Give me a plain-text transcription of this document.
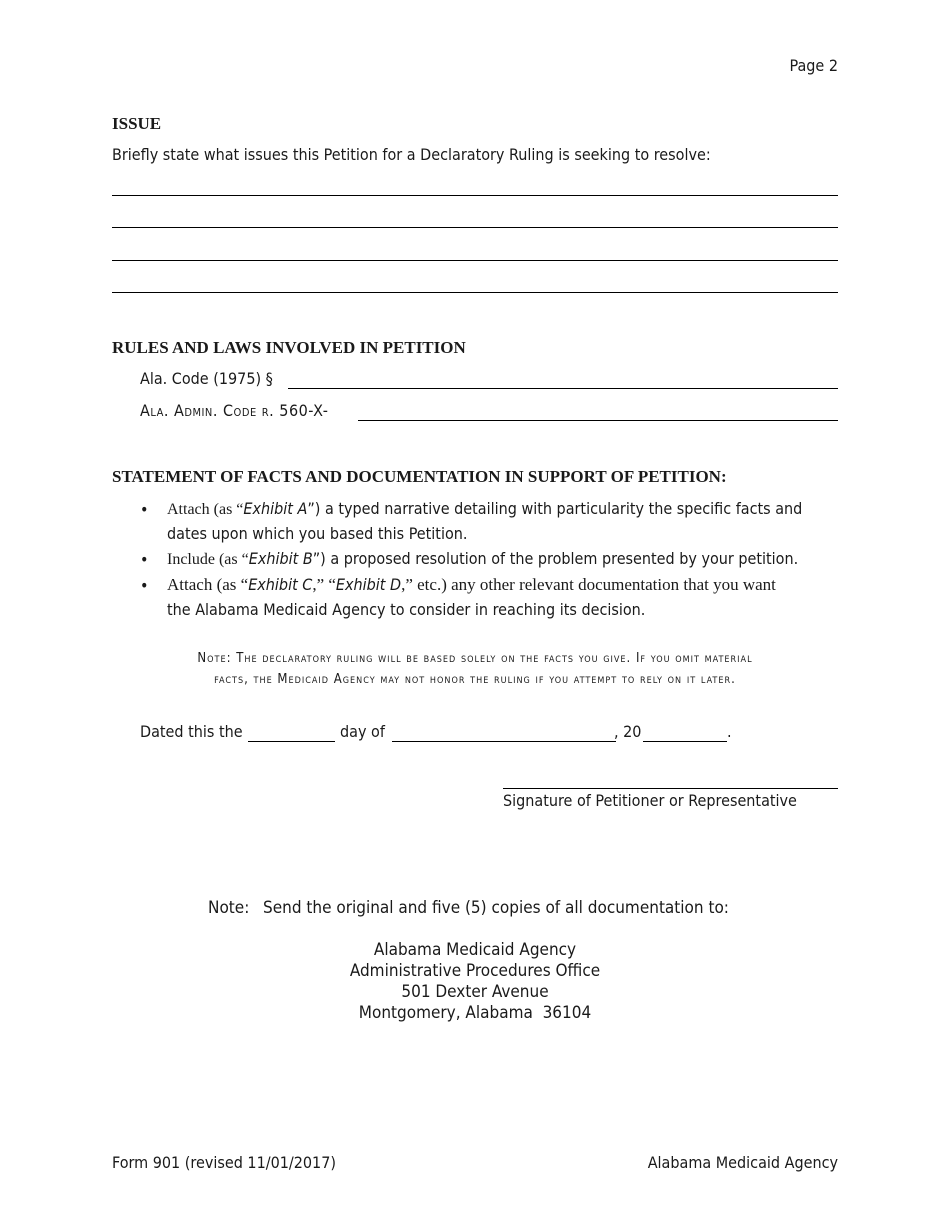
Page 2
ISSUE
Briefly state what issues this Petition for a Declaratory Ruling is seeking to resolve:
RULES AND LAWS INVOLVED IN PETITION
Ala. Code (1975) §
Ala. Admin. Code r. 560-X-
STATEMENT OF FACTS AND DOCUMENTATION IN SUPPORT OF PETITION:
• Attach (as “Exhibit A”) a typed narrative detailing with particularity the specific facts and
dates upon which you based this Petition.
• Include (as “Exhibit B”) a proposed resolution of the problem presented by your petition.
• Attach (as “Exhibit C,” “Exhibit D,” etc.) any other relevant documentation that you want
the Alabama Medicaid Agency to consider in reaching its decision.
Note: The declaratory ruling will be based solely on the facts you give. If you omit material
facts, the Medicaid Agency may not honor the ruling if you attempt to rely on it later.
Dated this the	day of	, 20	.
Signature of Petitioner or Representative
Note: Send the original and five (5) copies of all documentation to:
Alabama Medicaid Agency
Administrative Procedures Office
501 Dexter Avenue
Montgomery, Alabama  36104
Form 901 (revised 11/01/2017)	Alabama Medicaid Agency
